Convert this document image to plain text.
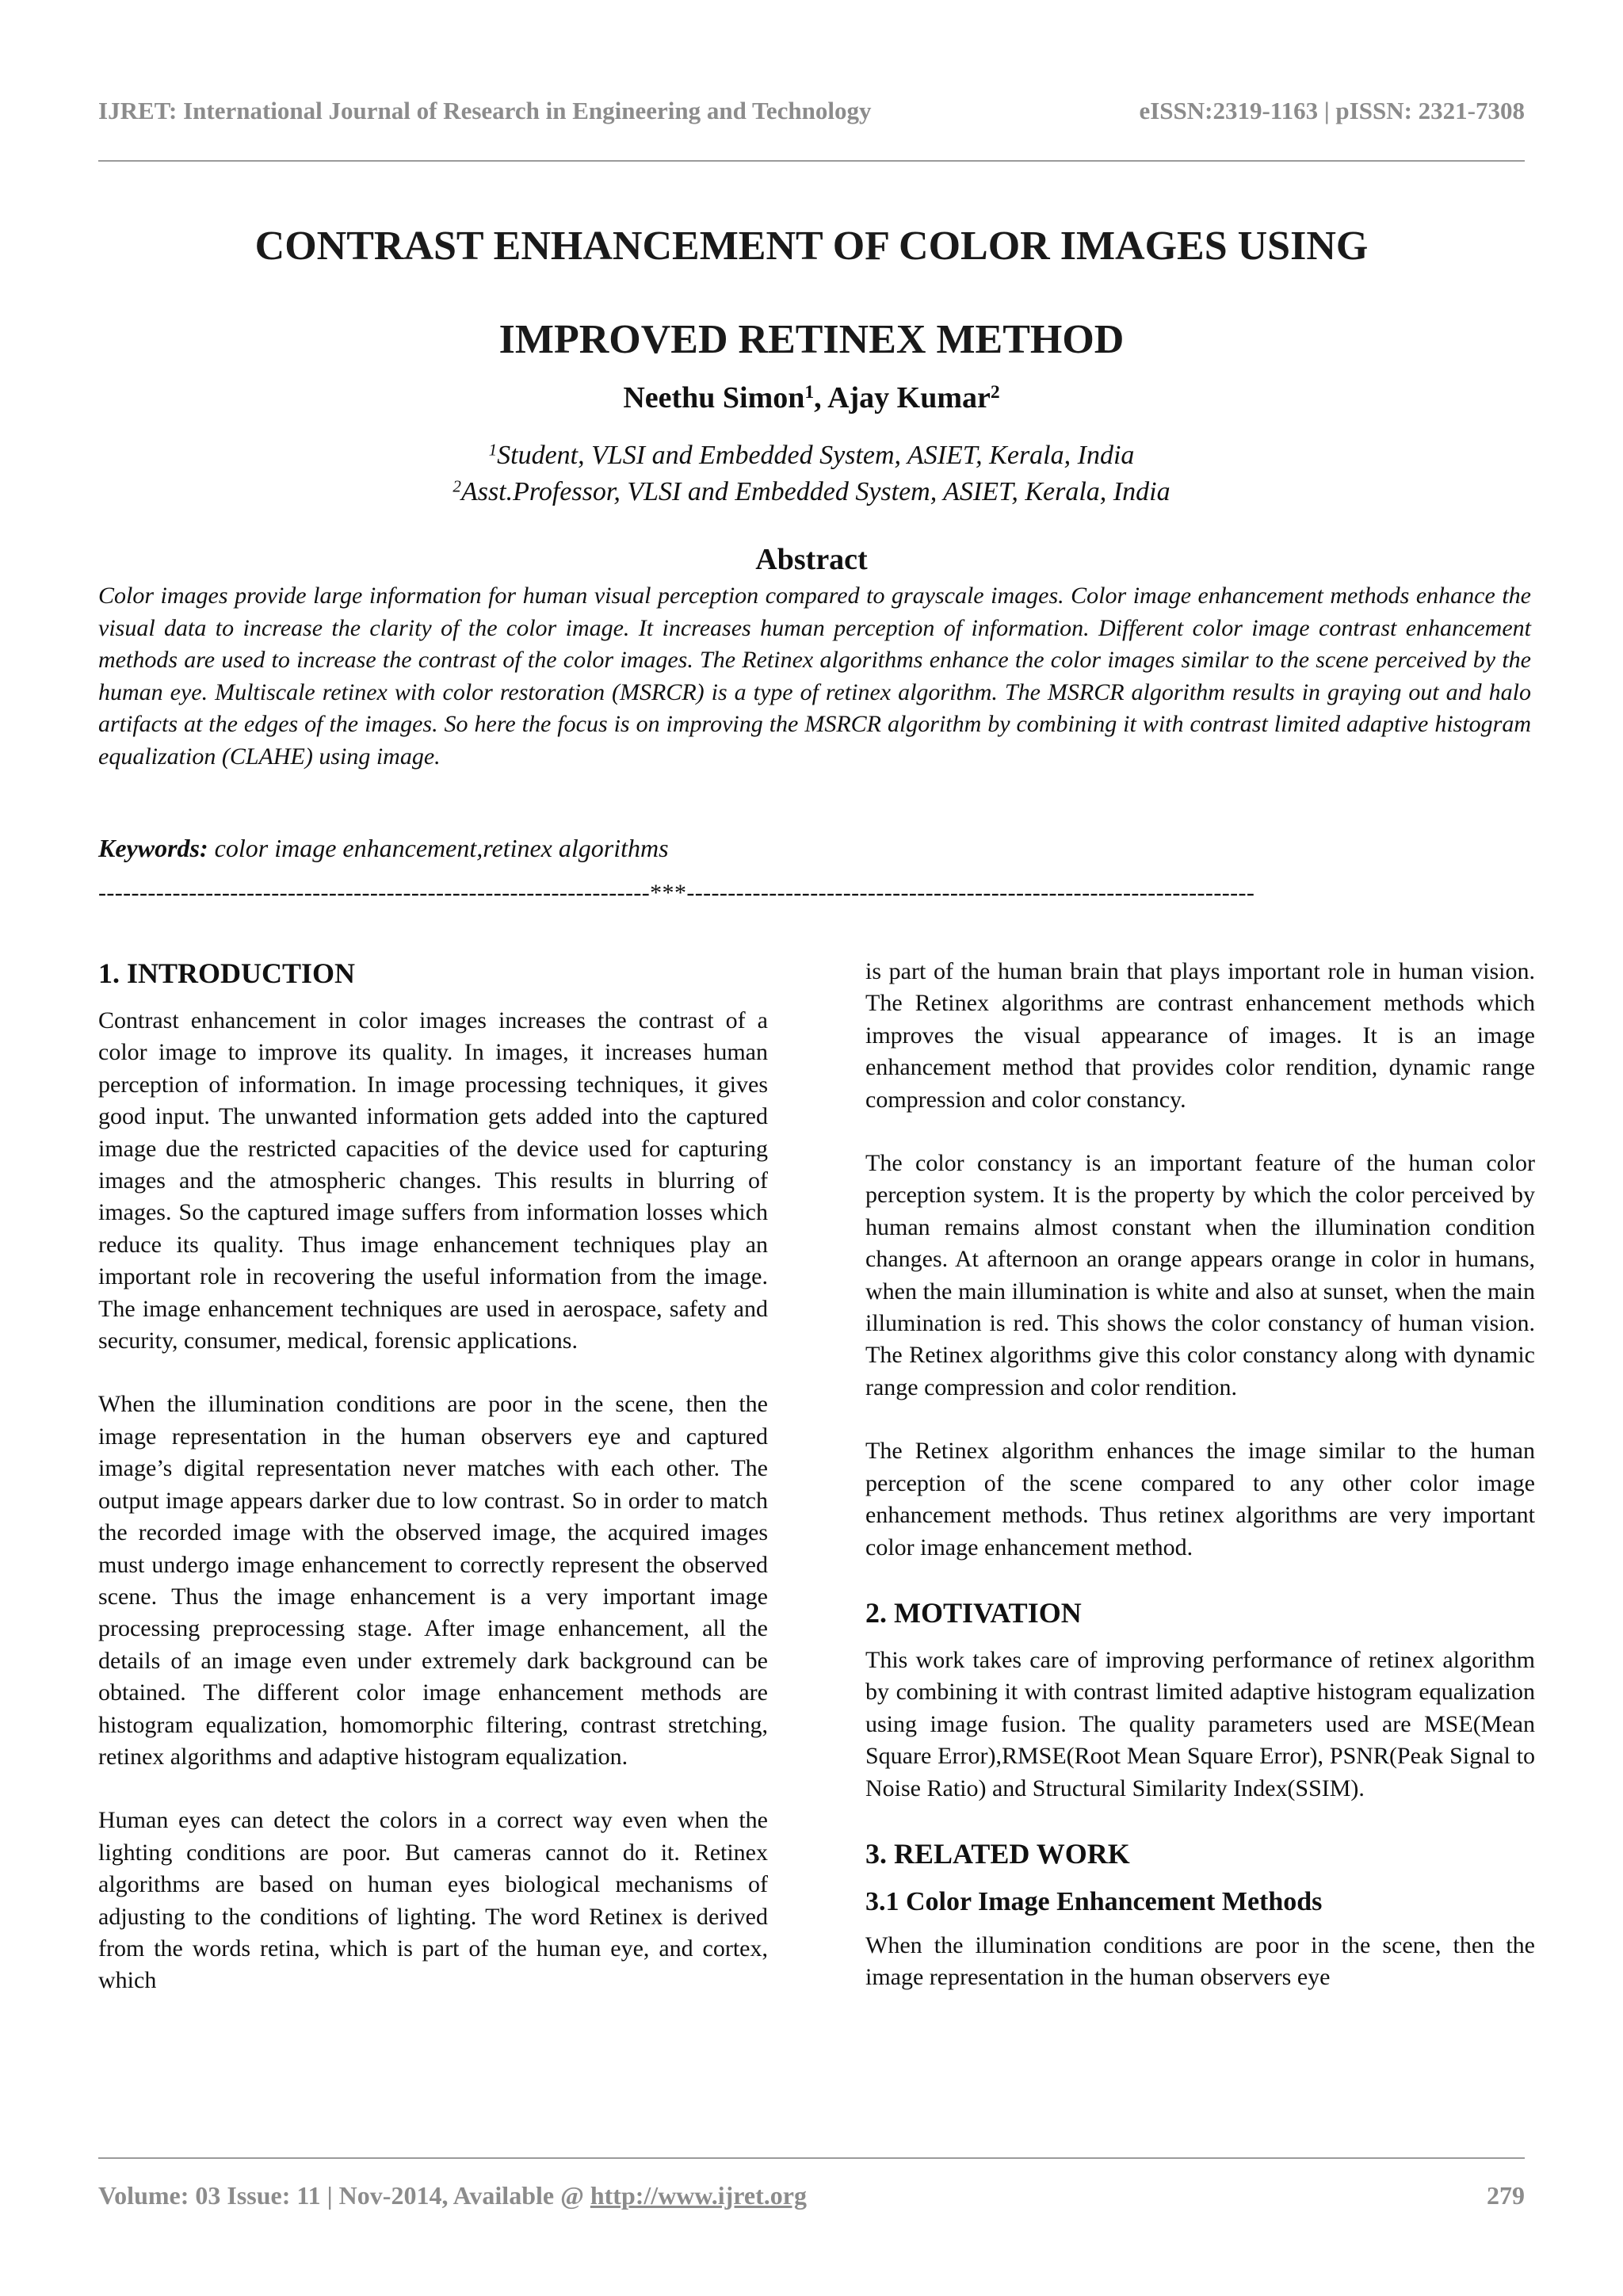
IJRET: International Journal of Research in Engineering and Technology	eISSN:2319-1163 | pISSN: 2321-7308
CONTRAST ENHANCEMENT OF COLOR IMAGES USING
IMPROVED RETINEX METHOD
Neethu Simon$^1$, Ajay Kumar$^2$
$^1$Student, VLSI and Embedded System, ASIET, Kerala, India
$^2$Asst.Professor, VLSI and Embedded System, ASIET, Kerala, India
Abstract
Color images provide large information for human visual perception compared to grayscale images. Color image enhancement methods enhance the visual data to increase the clarity of the color image. It increases human perception of information. Different color image contrast enhancement methods are used to increase the contrast of the color images. The Retinex algorithms enhance the color images similar to the scene perceived by the human eye. Multiscale retinex with color restoration (MSRCR) is a type of retinex algorithm. The MSRCR algorithm results in graying out and halo artifacts at the edges of the images. So here the focus is on improving the MSRCR algorithm by combining it with contrast limited adaptive histogram equalization (CLAHE) using image.
Keywords: color image enhancement,retinex algorithms
-------------------------------------------------------------------***---------------------------------------------------------------------
1. INTRODUCTION

Contrast enhancement in color images increases the contrast of a color image to improve its quality. In images, it increases human perception of information. In image processing techniques, it gives good input. The unwanted information gets added into the captured image due the restricted capacities of the device used for capturing images and the atmospheric changes. This results in blurring of images. So the captured image suffers from information losses which reduce its quality. Thus image enhancement techniques play an important role in recovering the useful information from the image. The image enhancement techniques are used in aerospace, safety and security, consumer, medical, forensic applications.

When the illumination conditions are poor in the scene, then the image representation in the human observers eye and captured image’s digital representation never matches with each other. The output image appears darker due to low contrast. So in order to match the recorded image with the observed image, the acquired images must undergo image enhancement to correctly represent the observed scene. Thus the image enhancement is a very important image processing preprocessing stage. After image enhancement, all the details of an image even under extremely dark background can be obtained. The different color image enhancement methods are histogram equalization, homomorphic filtering, contrast stretching, retinex algorithms and adaptive histogram equalization.

Human eyes can detect the colors in a correct way even when the lighting conditions are poor. But cameras cannot do it. Retinex algorithms are based on human eyes biological mechanisms of adjusting to the conditions of lighting. The word Retinex is derived from the words retina, which is part of the human eye, and cortex, which

is part of the human brain that plays important role in human vision. The Retinex algorithms are contrast enhancement methods which improves the visual appearance of images. It is an image enhancement method that provides color rendition, dynamic range compression and color constancy.

The color constancy is an important feature of the human color perception system. It is the property by which the color perceived by human remains almost constant when the illumination condition changes. At afternoon an orange appears orange in color in humans, when the main illumination is white and also at sunset, when the main illumination is red. This shows the color constancy of human vision. The Retinex algorithms give this color constancy along with dynamic range compression and color rendition.

The Retinex algorithm enhances the image similar to the human perception of the scene compared to any other color image enhancement methods. Thus retinex algorithms are very important color image enhancement method.

2. MOTIVATION

This work takes care of improving performance of retinex algorithm by combining it with contrast limited adaptive histogram equalization using image fusion. The quality parameters used are MSE(Mean Square Error),RMSE(Root Mean Square Error), PSNR(Peak Signal to Noise Ratio) and Structural Similarity Index(SSIM).

3. RELATED WORK
3.1 Color Image Enhancement Methods

When the illumination conditions are poor in the scene, then the image representation in the human observers eye

Volume: 03 Issue: 11 | Nov-2014, Available @ http://www.ijret.org	279
